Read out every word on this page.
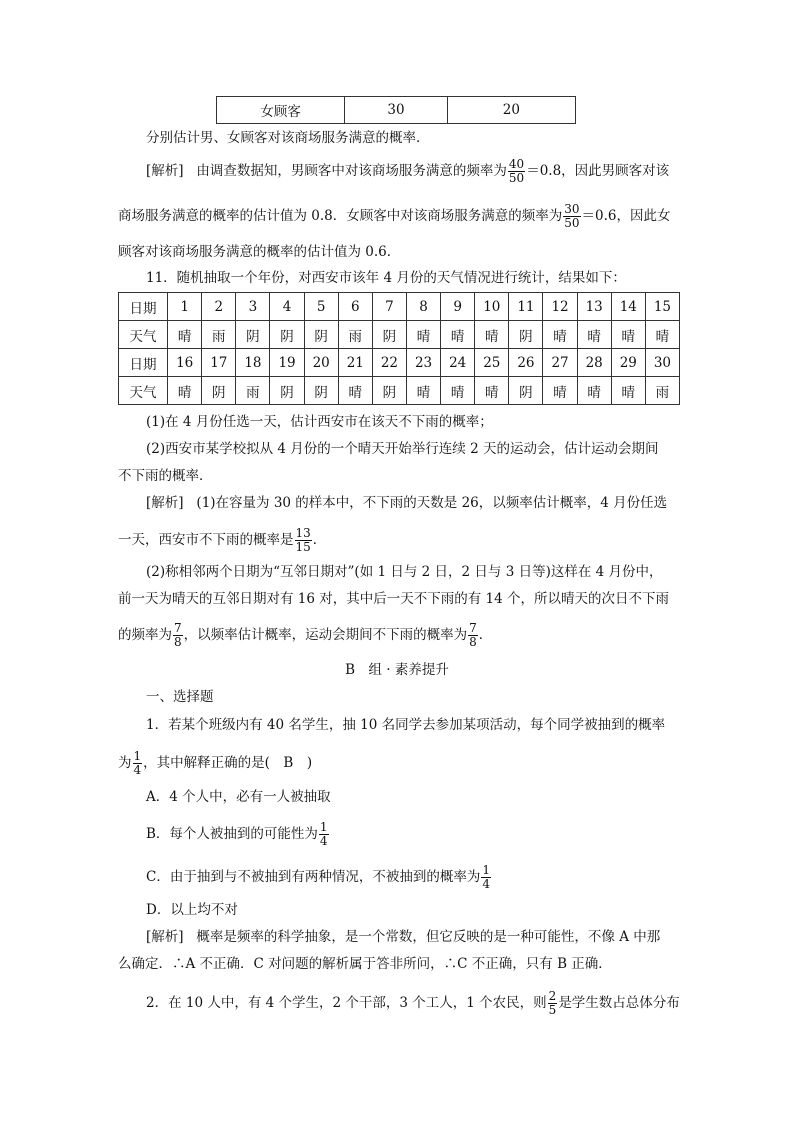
女顾客	30	20
分别估计男、女顾客对该商场服务满意的概率．
[解析] 由调查数据知，男顾客中对该商场服务满意的频率为 $\frac{40}{50} =0.8$，因此男顾客对该
商场服务满意的概率的估计值为 0.8．女顾客中对该商场服务满意的频率为 $\frac{30}{50} =0.6$，因此女
顾客对该商场服务满意的概率的估计值为 0.6．
11．随机抽取一个年份，对西安市该年 4 月份的天气情况进行统计，结果如下：
日期	1	2	3	4	5	6	7	8	9	10	11	12	13	14	15
天气	晴	雨	阴	阴	阴	雨	阴	晴	晴	晴	阴	晴	晴	晴	晴
日期	16	17	18	19	20	21	22	23	24	25	26	27	28	29	30
天气	晴	阴	雨	阴	阴	晴	阴	晴	晴	晴	阴	晴	晴	晴	雨
(1)在 4 月份任选一天，估计西安市在该天不下雨的概率；
(2)西安市某学校拟从 4 月份的一个晴天开始举行连续 2 天的运动会，估计运动会期间
不下雨的概率．
[解析] (1)在容量为 30 的样本中，不下雨的天数是 26，以频率估计概率，4 月份任选
一天，西安市不下雨的概率是 $\frac{13}{15}$ ．
(2)称相邻两个日期为“互邻日期对”(如 1 日与 2 日，2 日与 3 日等)这样在 4 月份中，
前一天为晴天的互邻日期对有 16 对，其中后一天不下雨的有 14 个，所以晴天的次日不下雨
的频率为 $\frac{7}{8}$ ，以频率估计概率，运动会期间不下雨的概率为 $\frac{7}{8}$ ．
B　组 · 素养提升
一、选择题
1．若某个班级内有 40 名学生，抽 10 名同学去参加某项活动，每个同学被抽到的概率
为 $\frac{1}{4}$ ，其中解释正确的是(　B　)
A．4 个人中，必有一人被抽取
B．每个人被抽到的可能性为 $\frac{1}{4}$
C．由于抽到与不被抽到有两种情况，不被抽到的概率为 $\frac{1}{4}$
D．以上均不对
[解析] 概率是频率的科学抽象，是一个常数，但它反映的是一种可能性，不像 A 中那
么确定．∴A 不正确．C 对问题的解析属于答非所问，∴C 不正确，只有 B 正确．
2．在 10 人中，有 4 个学生，2 个干部，3 个工人，1 个农民，则 $\frac{2}{5}$ 是学生数占总体分布
